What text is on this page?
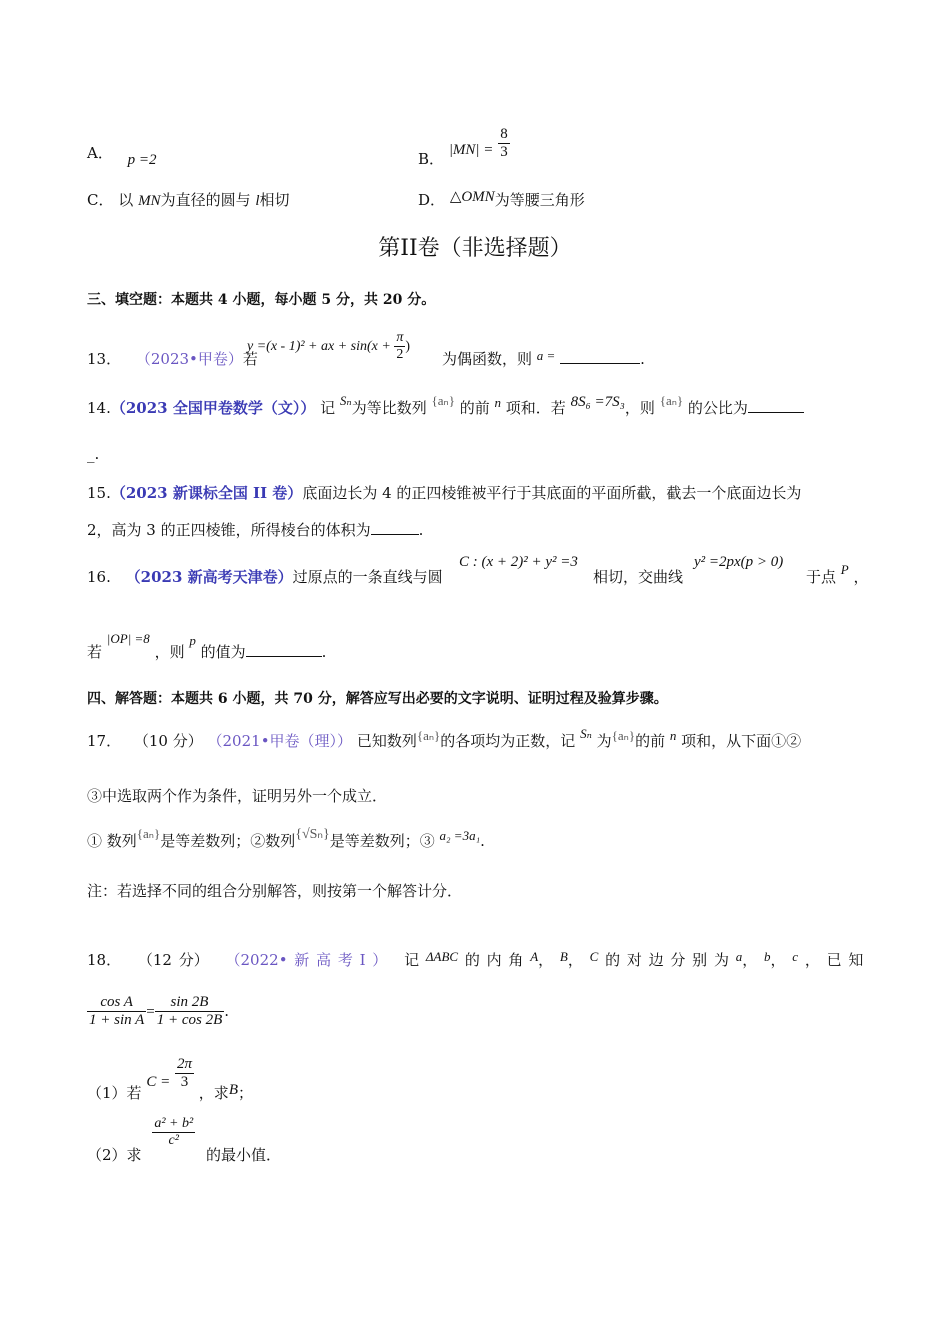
A． p =2	B． $|MN| = \frac{8}{3}$
C． 以 MN为直径的圆与 l相切	D． △OMN为等腰三角形
第II卷（非选择题）
三、填空题：本题共 4 小题，每小题 5 分，共 20 分。
13． （2023•甲卷）若
y =(x - 1)² + ax + $\sin(x + \frac{\pi}{2}$ )
为偶函数，则 a =	.
14.（2023 全国甲卷数学（文）） 记 Sₙ为等比数列 {aₙ} 的前 n 项和．若 8S₆ =7S₃，则 {aₙ} 的公比为
_.
15.（2023 新课标全国 II 卷）底面边长为 4 的正四棱锥被平行于其底面的平面所截，截去一个底面边长为
2，高为 3 的正四棱锥，所得棱台的体积为	.
16. （2023 新高考天津卷）过原点的一条直线与圆
C : (x + 2)² + y² =3
相切，交曲线
y² =2px(p > 0)
于点 P ，
若 |OP| =8 ，则 p 的值为	.
四、解答题：本题共 6 小题，共 70 分，解答应写出必要的文字说明、证明过程及验算步骤。
17． （10 分） （2021•甲卷（理）） 已知数列{aₙ}的各项均为正数，记 Sₙ 为{aₙ}的前 n 项和，从下面①②
③中选取两个作为条件，证明另外一个成立．
① 数列{aₙ}是等差数列；②数列{√Sₙ}是等差数列；③ a₂ =3a₁.
注：若选择不同的组合分别解答，则按第一个解答计分．
18． （12 分） （2022• 新 高 考 Ⅰ ） 记 ΔABC 的 内 角 A， B， C 的 对 边 分 别 为 a， b， c ， 已 知
$\frac{\text{cos A}}{\text{1 + sin A}} = \frac{\sin 2B}{1 + \cos 2B}$ .
（1）若 $C = \frac{2\pi}{3}$
，求B；
（2）求
$\frac{\text{a² + b²}}{\text{c²}}$
的最小值．
